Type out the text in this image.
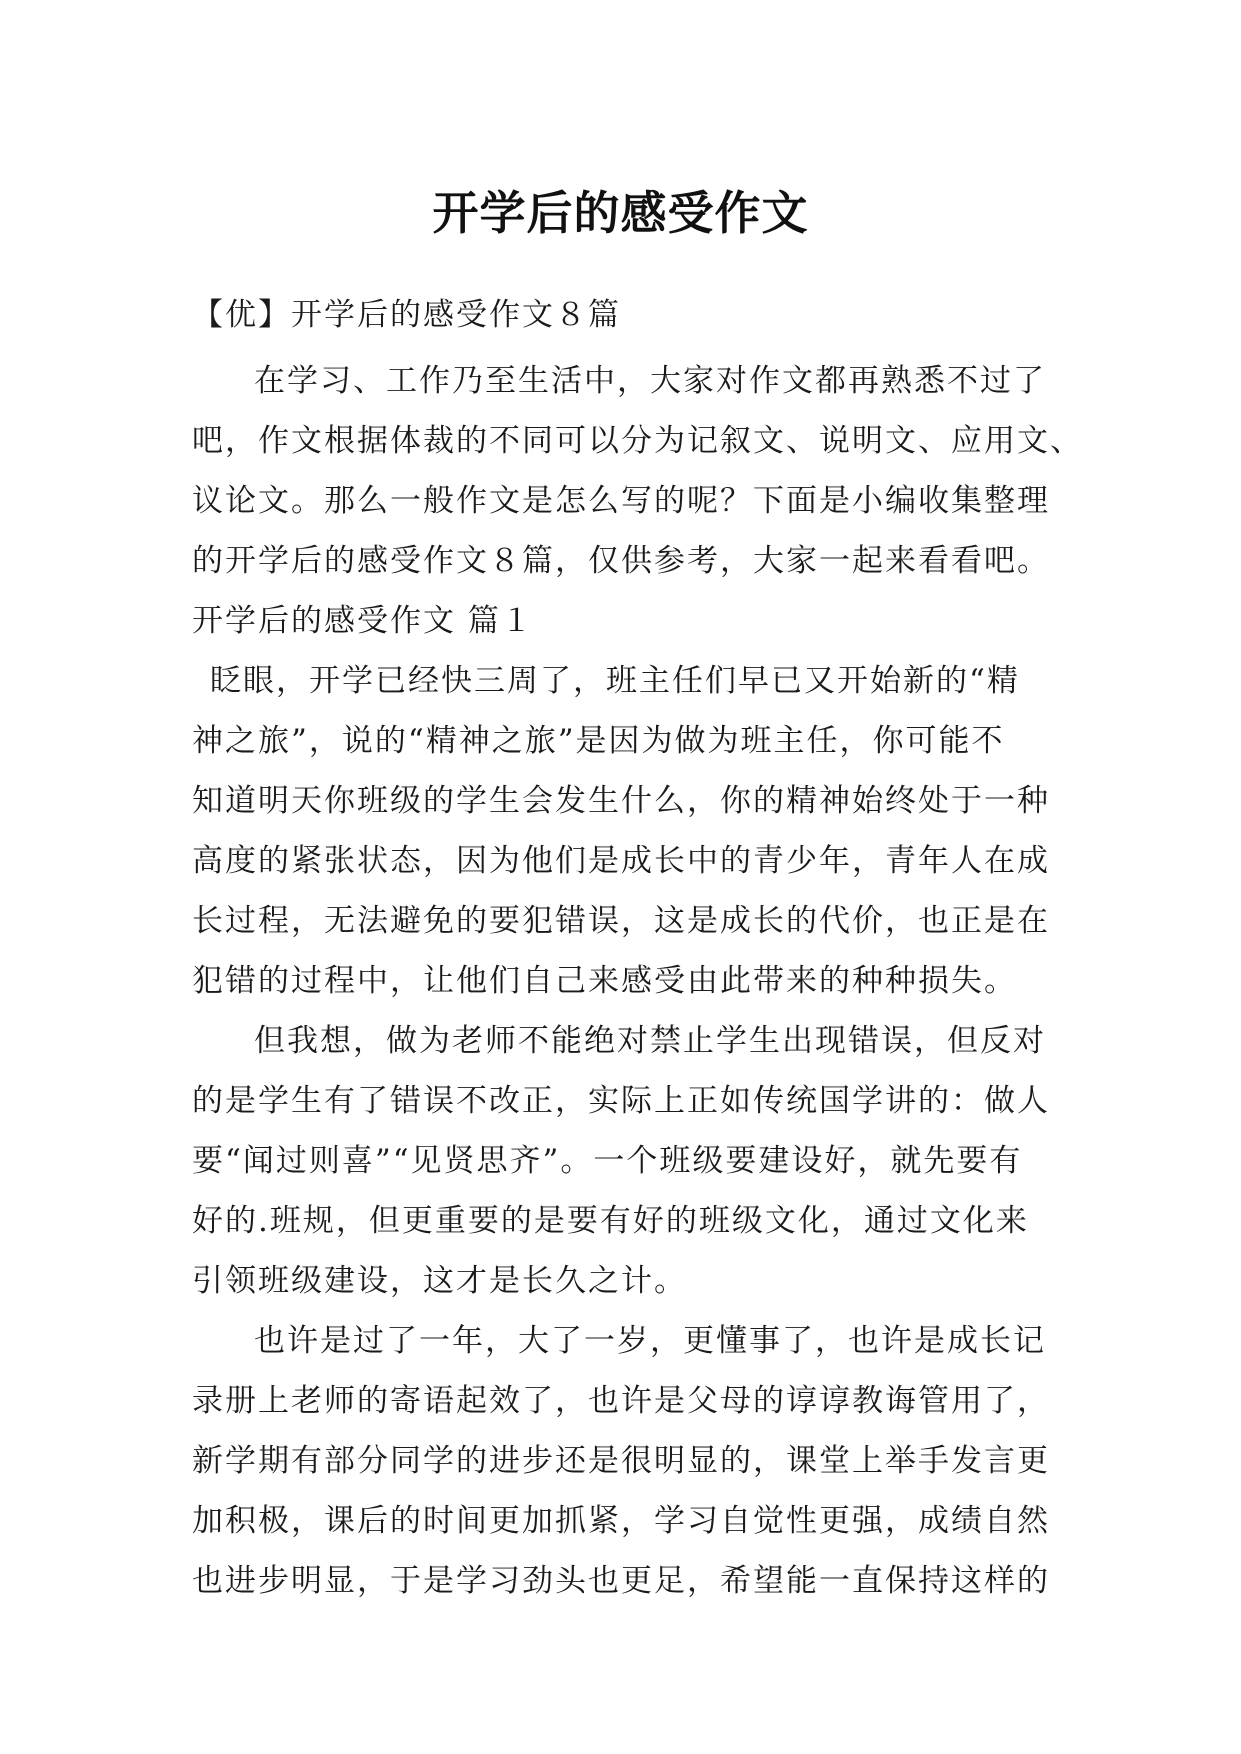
开学后的感受作文
【优】开学后的感受作文８篇

在学习、工作乃至生活中，大家对作文都再熟悉不过了
吧，作文根据体裁的不同可以分为记叙文、说明文、应用文、
议论文。那么一般作文是怎么写的呢？下面是小编收集整理
的开学后的感受作文８篇，仅供参考，大家一起来看看吧。

开学后的感受作文 篇１

眨眼，开学已经快三周了，班主任们早已又开始新的“精
神之旅”，说的“精神之旅”是因为做为班主任，你可能不
知道明天你班级的学生会发生什么，你的精神始终处于一种
高度的紧张状态，因为他们是成长中的青少年，青年人在成
长过程，无法避免的要犯错误，这是成长的代价，也正是在
犯错的过程中，让他们自己来感受由此带来的种种损失。

但我想，做为老师不能绝对禁止学生出现错误，但反对
的是学生有了错误不改正，实际上正如传统国学讲的：做人
要“闻过则喜”“见贤思齐”。一个班级要建设好，就先要有
好的.班规，但更重要的是要有好的班级文化，通过文化来
引领班级建设，这才是长久之计。

也许是过了一年，大了一岁，更懂事了，也许是成长记
录册上老师的寄语起效了，也许是父母的谆谆教诲管用了，
新学期有部分同学的进步还是很明显的，课堂上举手发言更
加积极，课后的时间更加抓紧，学习自觉性更强，成绩自然
也进步明显，于是学习劲头也更足，希望能一直保持这样的
